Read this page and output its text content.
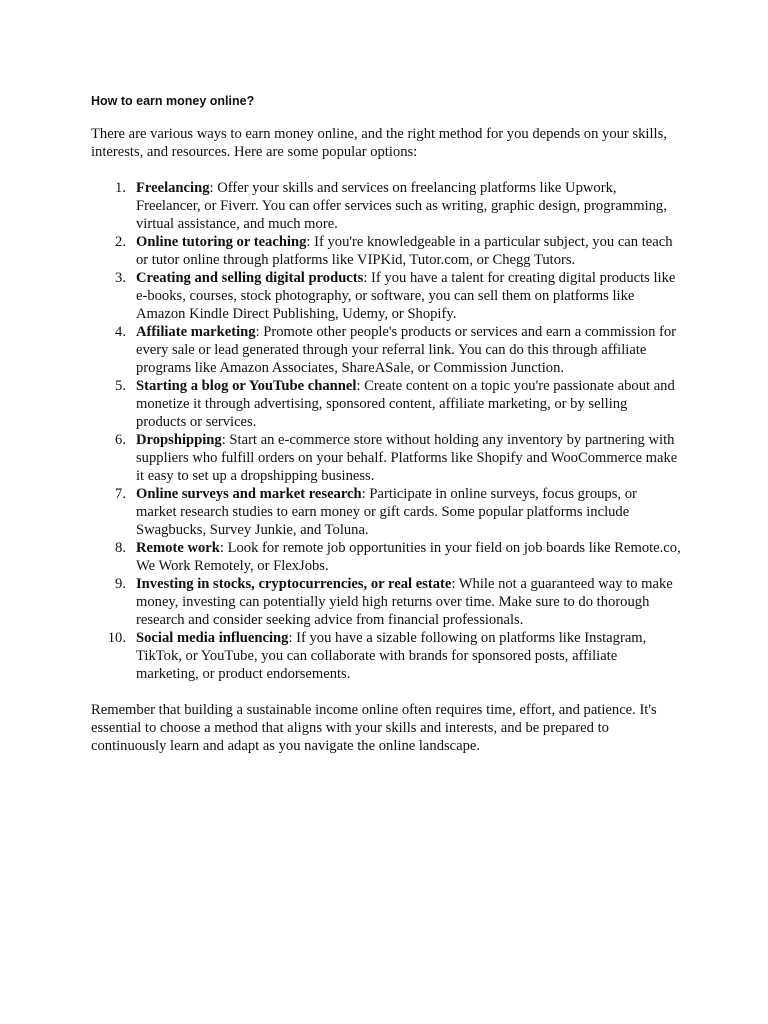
How to earn money online?

There are various ways to earn money online, and the right method for you depends on your skills, interests, and resources. Here are some popular options:

1. Freelancing: Offer your skills and services on freelancing platforms like Upwork, Freelancer, or Fiverr. You can offer services such as writing, graphic design, programming, virtual assistance, and much more.
2. Online tutoring or teaching: If you're knowledgeable in a particular subject, you can teach or tutor online through platforms like VIPKid, Tutor.com, or Chegg Tutors.
3. Creating and selling digital products: If you have a talent for creating digital products like e-books, courses, stock photography, or software, you can sell them on platforms like Amazon Kindle Direct Publishing, Udemy, or Shopify.
4. Affiliate marketing: Promote other people's products or services and earn a commission for every sale or lead generated through your referral link. You can do this through affiliate programs like Amazon Associates, ShareASale, or Commission Junction.
5. Starting a blog or YouTube channel: Create content on a topic you're passionate about and monetize it through advertising, sponsored content, affiliate marketing, or by selling products or services.
6. Dropshipping: Start an e-commerce store without holding any inventory by partnering with suppliers who fulfill orders on your behalf. Platforms like Shopify and WooCommerce make it easy to set up a dropshipping business.
7. Online surveys and market research: Participate in online surveys, focus groups, or market research studies to earn money or gift cards. Some popular platforms include Swagbucks, Survey Junkie, and Toluna.
8. Remote work: Look for remote job opportunities in your field on job boards like Remote.co, We Work Remotely, or FlexJobs.
9. Investing in stocks, cryptocurrencies, or real estate: While not a guaranteed way to make money, investing can potentially yield high returns over time. Make sure to do thorough research and consider seeking advice from financial professionals.
10. Social media influencing: If you have a sizable following on platforms like Instagram, TikTok, or YouTube, you can collaborate with brands for sponsored posts, affiliate marketing, or product endorsements.

Remember that building a sustainable income online often requires time, effort, and patience. It's essential to choose a method that aligns with your skills and interests, and be prepared to continuously learn and adapt as you navigate the online landscape.
